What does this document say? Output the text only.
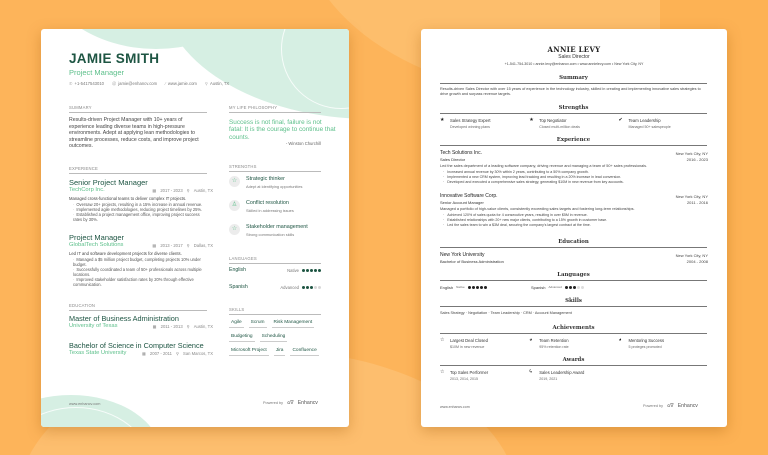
JAMIE SMITH
Project Manager
✆ +1-5417543010 @ jamie@enhancv.com ⁄ www.jamie.com ⚲ Austin, TX
SUMMARY
Results-driven Project Manager with 10+ years of experience leading diverse teams in high-pressure environments. Adept at applying lean methodologies to streamline processes, reduce costs, and improve project outcomes.
EXPERIENCE
Senior Project Manager
TechCorp Inc.	▦ 2017 - 2023 ⚲ Austin, TX
Managed cross-functional teams to deliver complex IT projects.
· Oversaw 20+ projects, resulting in a 15% increase in annual revenue.
· Implemented agile methodologies, reducing project timelines by 25%.
· Established a project management office, improving project success rates by 30%.
Project Manager
GlobalTech Solutions	▦ 2013 - 2017 ⚲ Dallas, TX
Led IT and software development projects for diverse clients.
· Managed a $5 million project budget, completing projects 10% under budget.
· Successfully coordinated a team of 50+ professionals across multiple locations.
· Improved stakeholder satisfaction rates by 20% through effective communication.
EDUCATION
Master of Business Administration
University of Texas	▦ 2011 - 2013 ⚲ Austin, TX
Bachelor of Science in Computer Science
Texas State University	▦ 2007 - 2011 ⚲ San Marcos, TX
MY LIFE PHILOSOPHY
Success is not final, failure is not fatal: It is the courage to continue that counts.
- Winston Churchill
STRENGTHS
☆	Strategic thinker
Adept at identifying opportunities
♙	Conflict resolution
Skilled in addressing issues
☆	Stakeholder management
Strong communication skills
LANGUAGES
English	Native
Spanish	Advanced
SKILLS
Agile	Scrum	Risk Management
Budgeting	Scheduling
Microsoft Project	Jira	Confluence
www.enhancv.com	Powered by ᴑ∇ Enhancv
ANNIE LEVY
Sales Director
+1-541-754-3010 • annie.levy@enhancv.com • www.annielevy.com • New York City, NY
Summary
Results-driven Sales Director with over 15 years of experience in the technology industry, skilled in creating and implementing innovative sales strategies to drive growth and surpass revenue targets.
Strengths
★	Sales Strategy Expert
Developed winning plans
★	Top Negotiator
Closed multi-million deals
✔	Team Leadership
Managed 50+ salespeople
Experience
Tech Solutions Inc.	New York City, NY
Sales Director	2016 - 2023
Led the sales department of a leading software company, driving revenue and managing a team of 50+ sales professionals.
· Increased annual revenue by 30% within 2 years, contributing to a 50% company growth.
· Implemented a new CRM system, improving lead tracking and resulting in a 20% increase in lead conversion.
· Developed and executed a comprehensive sales strategy, generating $10M in new revenue from key accounts.
Innovative Software Corp.	New York City, NY
Senior Account Manager	2011 - 2016
Managed a portfolio of high-value clients, consistently exceeding sales targets and fostering long-term relationships.
· Achieved 120% of sales quota for 4 consecutive years, resulting in over $5M in revenue.
· Established relationships with 20+ new major clients, contributing to a 15% growth in customer base.
· Led the sales team to win a $3M deal, securing the company's largest contract at the time.
Education
New York University	New York City, NY
Bachelor of Business Administration	2004 - 2008
Languages
English Native	Spanish Advanced
Skills
Sales Strategy · Negotiation · Team Leadership · CRM · Account Management
Achievements
☆	Largest Deal Closed
$10M in new revenue
◕	Team Retention
95% retention rate
◕	Mentoring Success
5 proteges promoted
Awards
☆	Top Sales Performer
2013, 2014, 2015
ϟ	Sales Leadership Award
2019, 2021
www.enhancv.com	Powered by ᴑ∇ Enhancv
